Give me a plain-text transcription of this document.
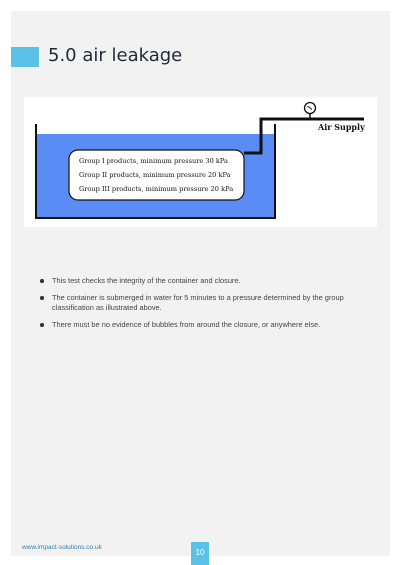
5.0 air leakage
Air Supply
Group I products, minimum pressure 30 kPa
Group II products, minimum pressure 20 kPa
Group III products, minimum pressure 20 kPa
This test checks the integrity of the container and closure.
The container is submerged in water for 5 minutes to a pressure determined by the group classification as illustrated above.
There must be no evidence of bubbles from around the closure, or anywhere else.
www.impact-solutions.co.uk
10
